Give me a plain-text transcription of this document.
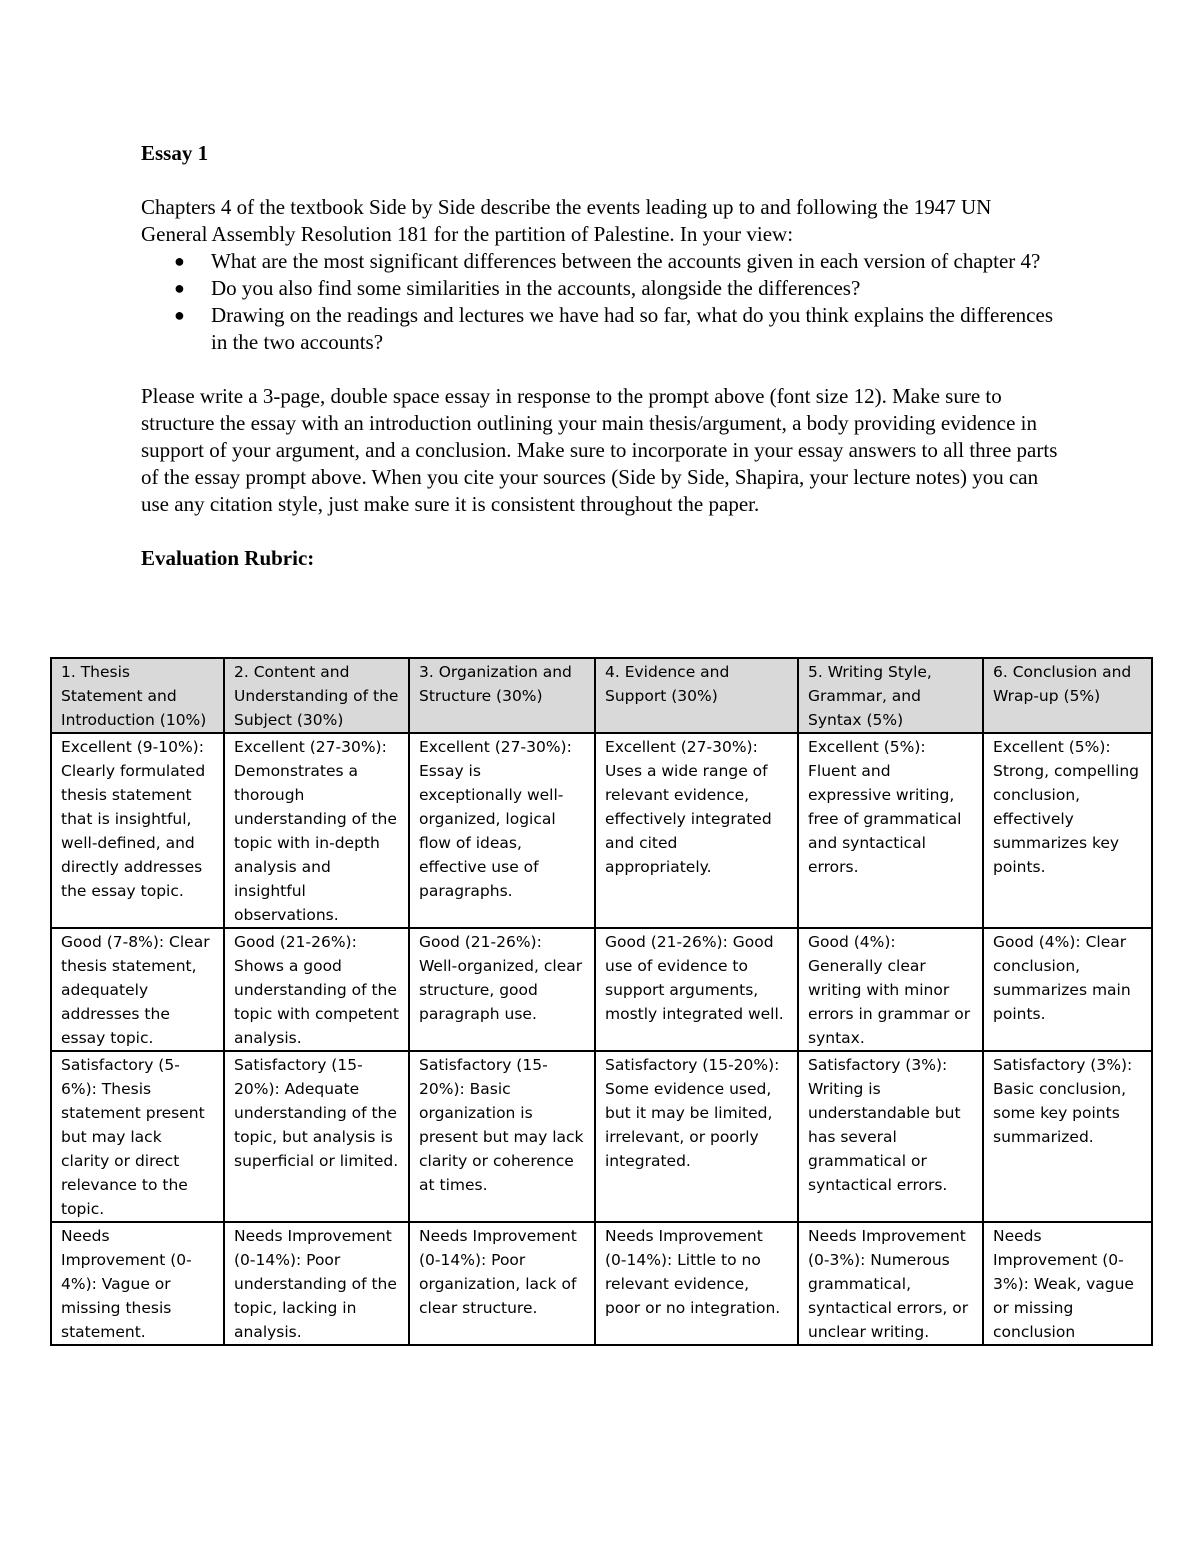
Essay 1

Chapters 4 of the textbook Side by Side describe the events leading up to and following the 1947 UN General Assembly Resolution 181 for the partition of Palestine. In your view:

● What are the most significant differences between the accounts given in each version of chapter 4?
● Do you also find some similarities in the accounts, alongside the differences?
● Drawing on the readings and lectures we have had so far, what do you think explains the differences in the two accounts?

Please write a 3-page, double space essay in response to the prompt above (font size 12). Make sure to structure the essay with an introduction outlining your main thesis/argument, a body providing evidence in support of your argument, and a conclusion. Make sure to incorporate in your essay answers to all three parts of the essay prompt above. When you cite your sources (Side by Side, Shapira, your lecture notes) you can use any citation style, just make sure it is consistent throughout the paper.

Evaluation Rubric:

1. Thesis Statement and Introduction (10%)	2. Content and Understanding of the Subject (30%)	3. Organization and Structure (30%)	4. Evidence and Support (30%)	5. Writing Style, Grammar, and Syntax (5%)	6. Conclusion and Wrap-up (5%)
Excellent (9-10%): Clearly formulated thesis statement that is insightful, well-defined, and directly addresses the essay topic.	Excellent (27-30%): Demonstrates a thorough understanding of the topic with in-depth analysis and insightful observations.	Excellent (27-30%): Essay is exceptionally well-organized, logical flow of ideas, effective use of paragraphs.	Excellent (27-30%): Uses a wide range of relevant evidence, effectively integrated and cited appropriately.	Excellent (5%): Fluent and expressive writing, free of grammatical and syntactical errors.	Excellent (5%): Strong, compelling conclusion, effectively summarizes key points.
Good (7-8%): Clear thesis statement, adequately addresses the essay topic.	Good (21-26%): Shows a good understanding of the topic with competent analysis.	Good (21-26%): Well-organized, clear structure, good paragraph use.	Good (21-26%): Good use of evidence to support arguments, mostly integrated well.	Good (4%): Generally clear writing with minor errors in grammar or syntax.	Good (4%): Clear conclusion, summarizes main points.
Satisfactory (5-6%): Thesis statement present but may lack clarity or direct relevance to the topic.	Satisfactory (15-20%): Adequate understanding of the topic, but analysis is superficial or limited.	Satisfactory (15-20%): Basic organization is present but may lack clarity or coherence at times.	Satisfactory (15-20%): Some evidence used, but it may be limited, irrelevant, or poorly integrated.	Satisfactory (3%): Writing is understandable but has several grammatical or syntactical errors.	Satisfactory (3%): Basic conclusion, some key points summarized.
Needs Improvement (0-4%): Vague or missing thesis statement.	Needs Improvement (0-14%): Poor understanding of the topic, lacking in analysis.	Needs Improvement (0-14%): Poor organization, lack of clear structure.	Needs Improvement (0-14%): Little to no relevant evidence, poor or no integration.	Needs Improvement (0-3%): Numerous grammatical, syntactical errors, or unclear writing.	Needs Improvement (0-3%): Weak, vague or missing conclusion
